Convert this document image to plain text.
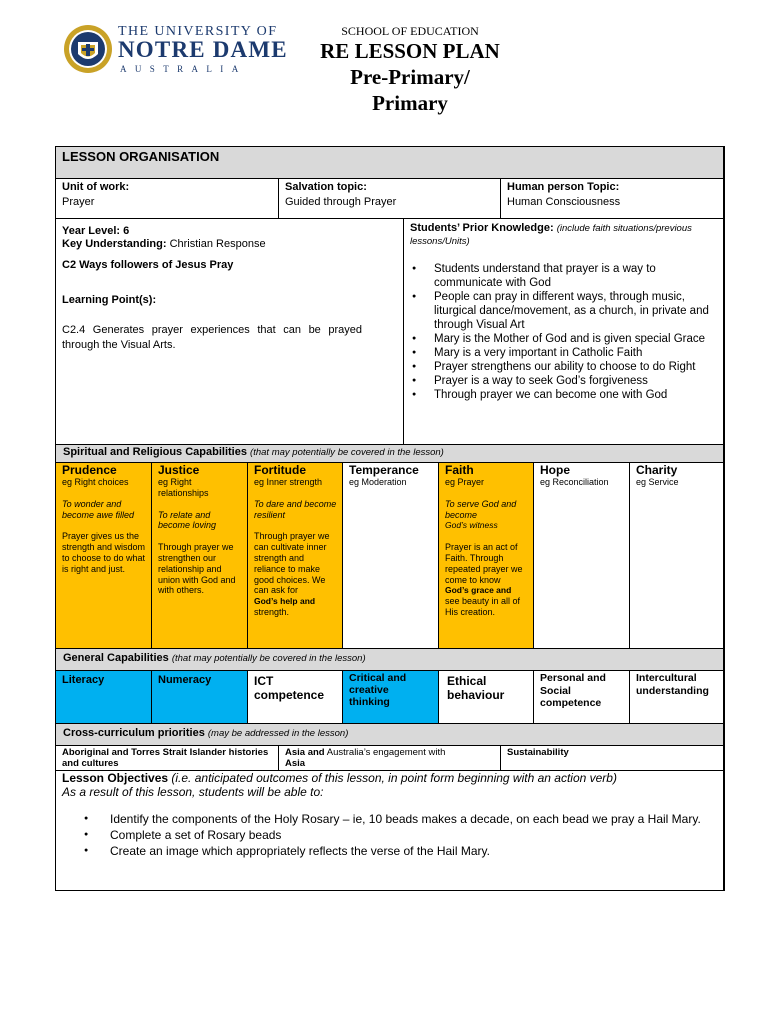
THE UNIVERSITY OF
NOTRE DAME
AUSTRALIA
SCHOOL OF EDUCATION
RE LESSON PLAN
Pre-Primary/
Primary
LESSON ORGANISATION
Unit of work:
Prayer
Salvation topic:
Guided through Prayer
Human person Topic:
Human Consciousness
Year Level: 6
Key Understanding: Christian Response
C2 Ways followers of Jesus Pray
Learning Point(s):
C2.4 Generates prayer experiences that can be prayed through the Visual Arts.
Students’ Prior Knowledge: (include faith situations/previous lessons/Units)
● Students understand that prayer is a way to communicate with God
● People can pray in different ways, through music, liturgical dance/movement, as a church, in private and through Visual Art
● Mary is the Mother of God and is given special Grace
● Mary is a very important in Catholic Faith
● Prayer strengthens our ability to choose to do Right
● Prayer is a way to seek God’s forgiveness
● Through prayer we can become one with God
Spiritual and Religious Capabilities (that may potentially be covered in the lesson)
Prudence
eg Right choices
To wonder and become awe filled
Prayer gives us the strength and wisdom to choose to do what is right and just.
Justice
eg Right relationships
To relate and become loving
Through prayer we strengthen our relationship and union with God and with others.
Fortitude
eg Inner strength
To dare and become resilient
Through prayer we can cultivate inner strength and reliance to make good choices. We can ask for
God’s help and
strength.
Temperance
eg Moderation
Faith
eg Prayer
To serve God and become
God’s witness
Prayer is an act of Faith. Through repeated prayer we come to know
God’s grace and
see beauty in all of His creation.
Hope
eg Reconciliation
Charity
eg Service
General Capabilities (that may potentially be covered in the lesson)
Literacy	Numeracy	ICT competence
Critical and creative thinking
Ethical behaviour
Personal and Social competence
Intercultural understanding
Cross-curriculum priorities (may be addressed in the lesson)
Aboriginal and Torres Strait Islander histories and cultures
Asia and Australia’s engagement with
Asia
Sustainability
Lesson Objectives (i.e. anticipated outcomes of this lesson, in point form beginning with an action verb)
As a result of this lesson, students will be able to:
● Identify the components of the Holy Rosary – ie, 10 beads makes a decade, on each bead we pray a Hail Mary.
● Complete a set of Rosary beads
● Create an image which appropriately reflects the verse of the Hail Mary.
